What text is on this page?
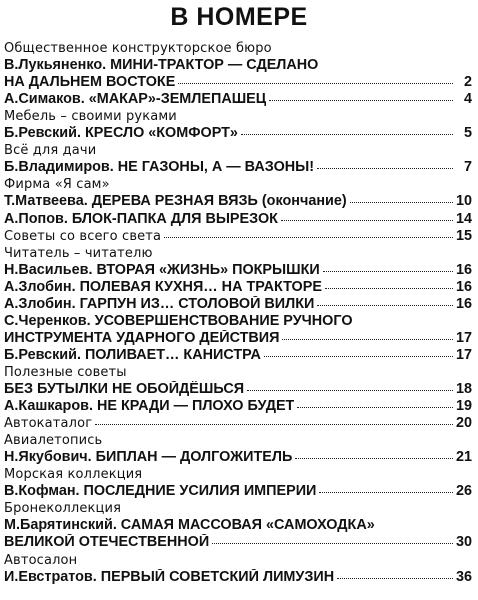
В НОМЕРЕ
Общественное конструкторское бюро
В.Лукьяненко. МИНИ-ТРАКТОР — СДЕЛАНО
НА ДАЛЬНЕМ ВОСТОКЕ	2
А.Симаков. «МАКАР»-ЗЕМЛЕПАШЕЦ	4
Мебель – своими руками
Б.Ревский. КРЕСЛО «КОМФОРТ»	5
Всё для дачи
Б.Владимиров. НЕ ГАЗОНЫ, А — ВАЗОНЫ!	7
Фирма «Я сам»
Т.Матвеева. ДЕРЕВА РЕЗНАЯ ВЯЗЬ (окончание)	10
А.Попов. БЛОК-ПАПКА ДЛЯ ВЫРЕЗОК	14
Советы со всего света	15
Читатель – читателю
Н.Васильев. ВТОРАЯ «ЖИЗНЬ» ПОКРЫШКИ	16
А.Злобин. ПОЛЕВАЯ КУХНЯ… НА ТРАКТОРЕ	16
А.Злобин. ГАРПУН ИЗ… СТОЛОВОЙ ВИЛКИ	16
С.Черенков. УСОВЕРШЕНСТВОВАНИЕ РУЧНОГО
ИНСТРУМЕНТА УДАРНОГО ДЕЙСТВИЯ	17
Б.Ревский. ПОЛИВАЕТ… КАНИСТРА	17
Полезные советы
БЕЗ БУТЫЛКИ НЕ ОБОЙДЁШЬСЯ	18
А.Кашкаров. НЕ КРАДИ — ПЛОХО БУДЕТ	19
Автокаталог	20
Авиалетопись
Н.Якубович. БИПЛАН — ДОЛГОЖИТЕЛЬ	21
Морская коллекция
В.Кофман. ПОСЛЕДНИЕ УСИЛИЯ ИМПЕРИИ	26
Бронеколлекция
М.Барятинский. САМАЯ МАССОВАЯ «САМОХОДКА»
ВЕЛИКОЙ ОТЕЧЕСТВЕННОЙ	30
Автосалон
И.Евстратов. ПЕРВЫЙ СОВЕТСКИЙ ЛИМУЗИН	36
